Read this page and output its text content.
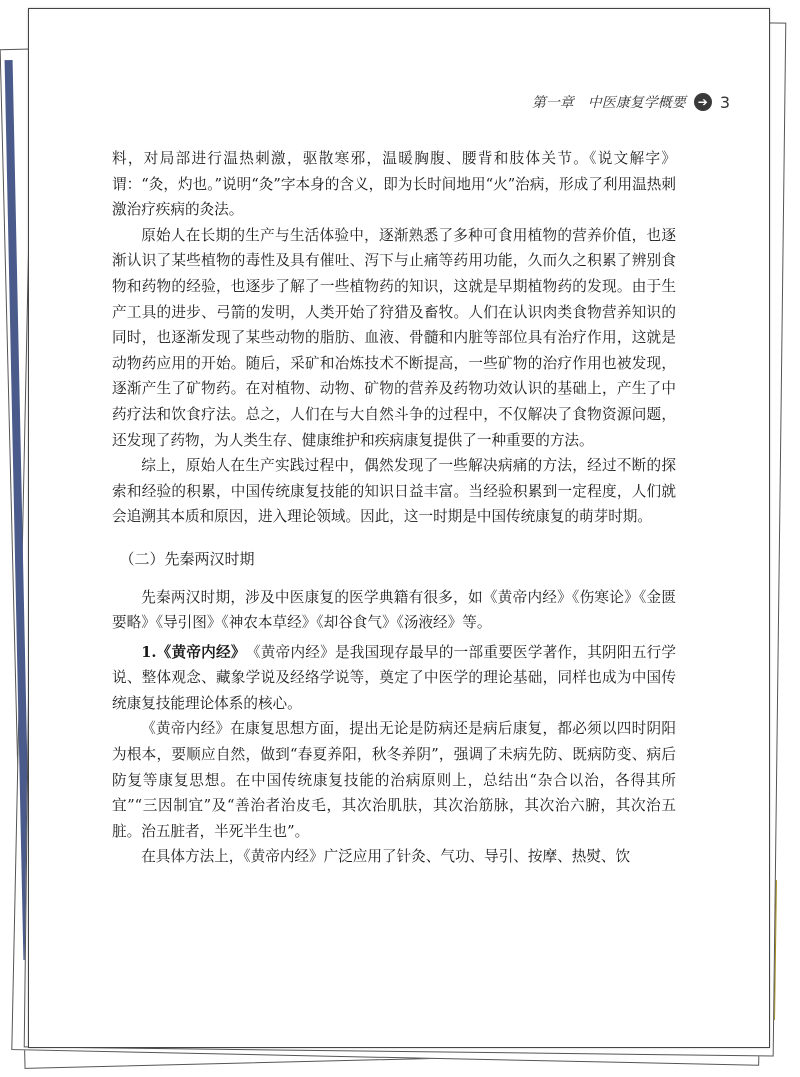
第一章　中医康复学概要 ➔ 3

料，对局部进行温热刺激，驱散寒邪，温暖胸腹、腰背和肢体关节。《说文解字》谓：“灸，灼也。”说明“灸”字本身的含义，即为长时间地用“火”治病，形成了利用温热刺激治疗疾病的灸法。

原始人在长期的生产与生活体验中，逐渐熟悉了多种可食用植物的营养价值，也逐渐认识了某些植物的毒性及具有催吐、泻下与止痛等药用功能，久而久之积累了辨别食物和药物的经验，也逐步了解了一些植物药的知识，这就是早期植物药的发现。由于生产工具的进步、弓箭的发明，人类开始了狩猎及畜牧。人们在认识肉类食物营养知识的同时，也逐渐发现了某些动物的脂肪、血液、骨髓和内脏等部位具有治疗作用，这就是动物药应用的开始。随后，采矿和冶炼技术不断提高，一些矿物的治疗作用也被发现，逐渐产生了矿物药。在对植物、动物、矿物的营养及药物功效认识的基础上，产生了中药疗法和饮食疗法。总之，人们在与大自然斗争的过程中，不仅解决了食物资源问题，还发现了药物，为人类生存、健康维护和疾病康复提供了一种重要的方法。

综上，原始人在生产实践过程中，偶然发现了一些解决病痛的方法，经过不断的探索和经验的积累，中国传统康复技能的知识日益丰富。当经验积累到一定程度，人们就会追溯其本质和原因，进入理论领域。因此，这一时期是中国传统康复的萌芽时期。

（二）先秦两汉时期

先秦两汉时期，涉及中医康复的医学典籍有很多，如《黄帝内经》《伤寒论》《金匮要略》《导引图》《神农本草经》《却谷食气》《汤液经》等。

1.《黄帝内经》　《黄帝内经》是我国现存最早的一部重要医学著作，其阴阳五行学说、整体观念、藏象学说及经络学说等，奠定了中医学的理论基础，同样也成为中国传统康复技能理论体系的核心。

《黄帝内经》在康复思想方面，提出无论是防病还是病后康复，都必须以四时阴阳为根本，要顺应自然，做到“春夏养阳，秋冬养阴”，强调了未病先防、既病防变、病后防复等康复思想。在中国传统康复技能的治病原则上，总结出“杂合以治，各得其所宜”“三因制宜”及“善治者治皮毛，其次治肌肤，其次治筋脉，其次治六腑，其次治五脏。治五脏者，半死半生也”。

在具体方法上，《黄帝内经》广泛应用了针灸、气功、导引、按摩、热熨、饮
